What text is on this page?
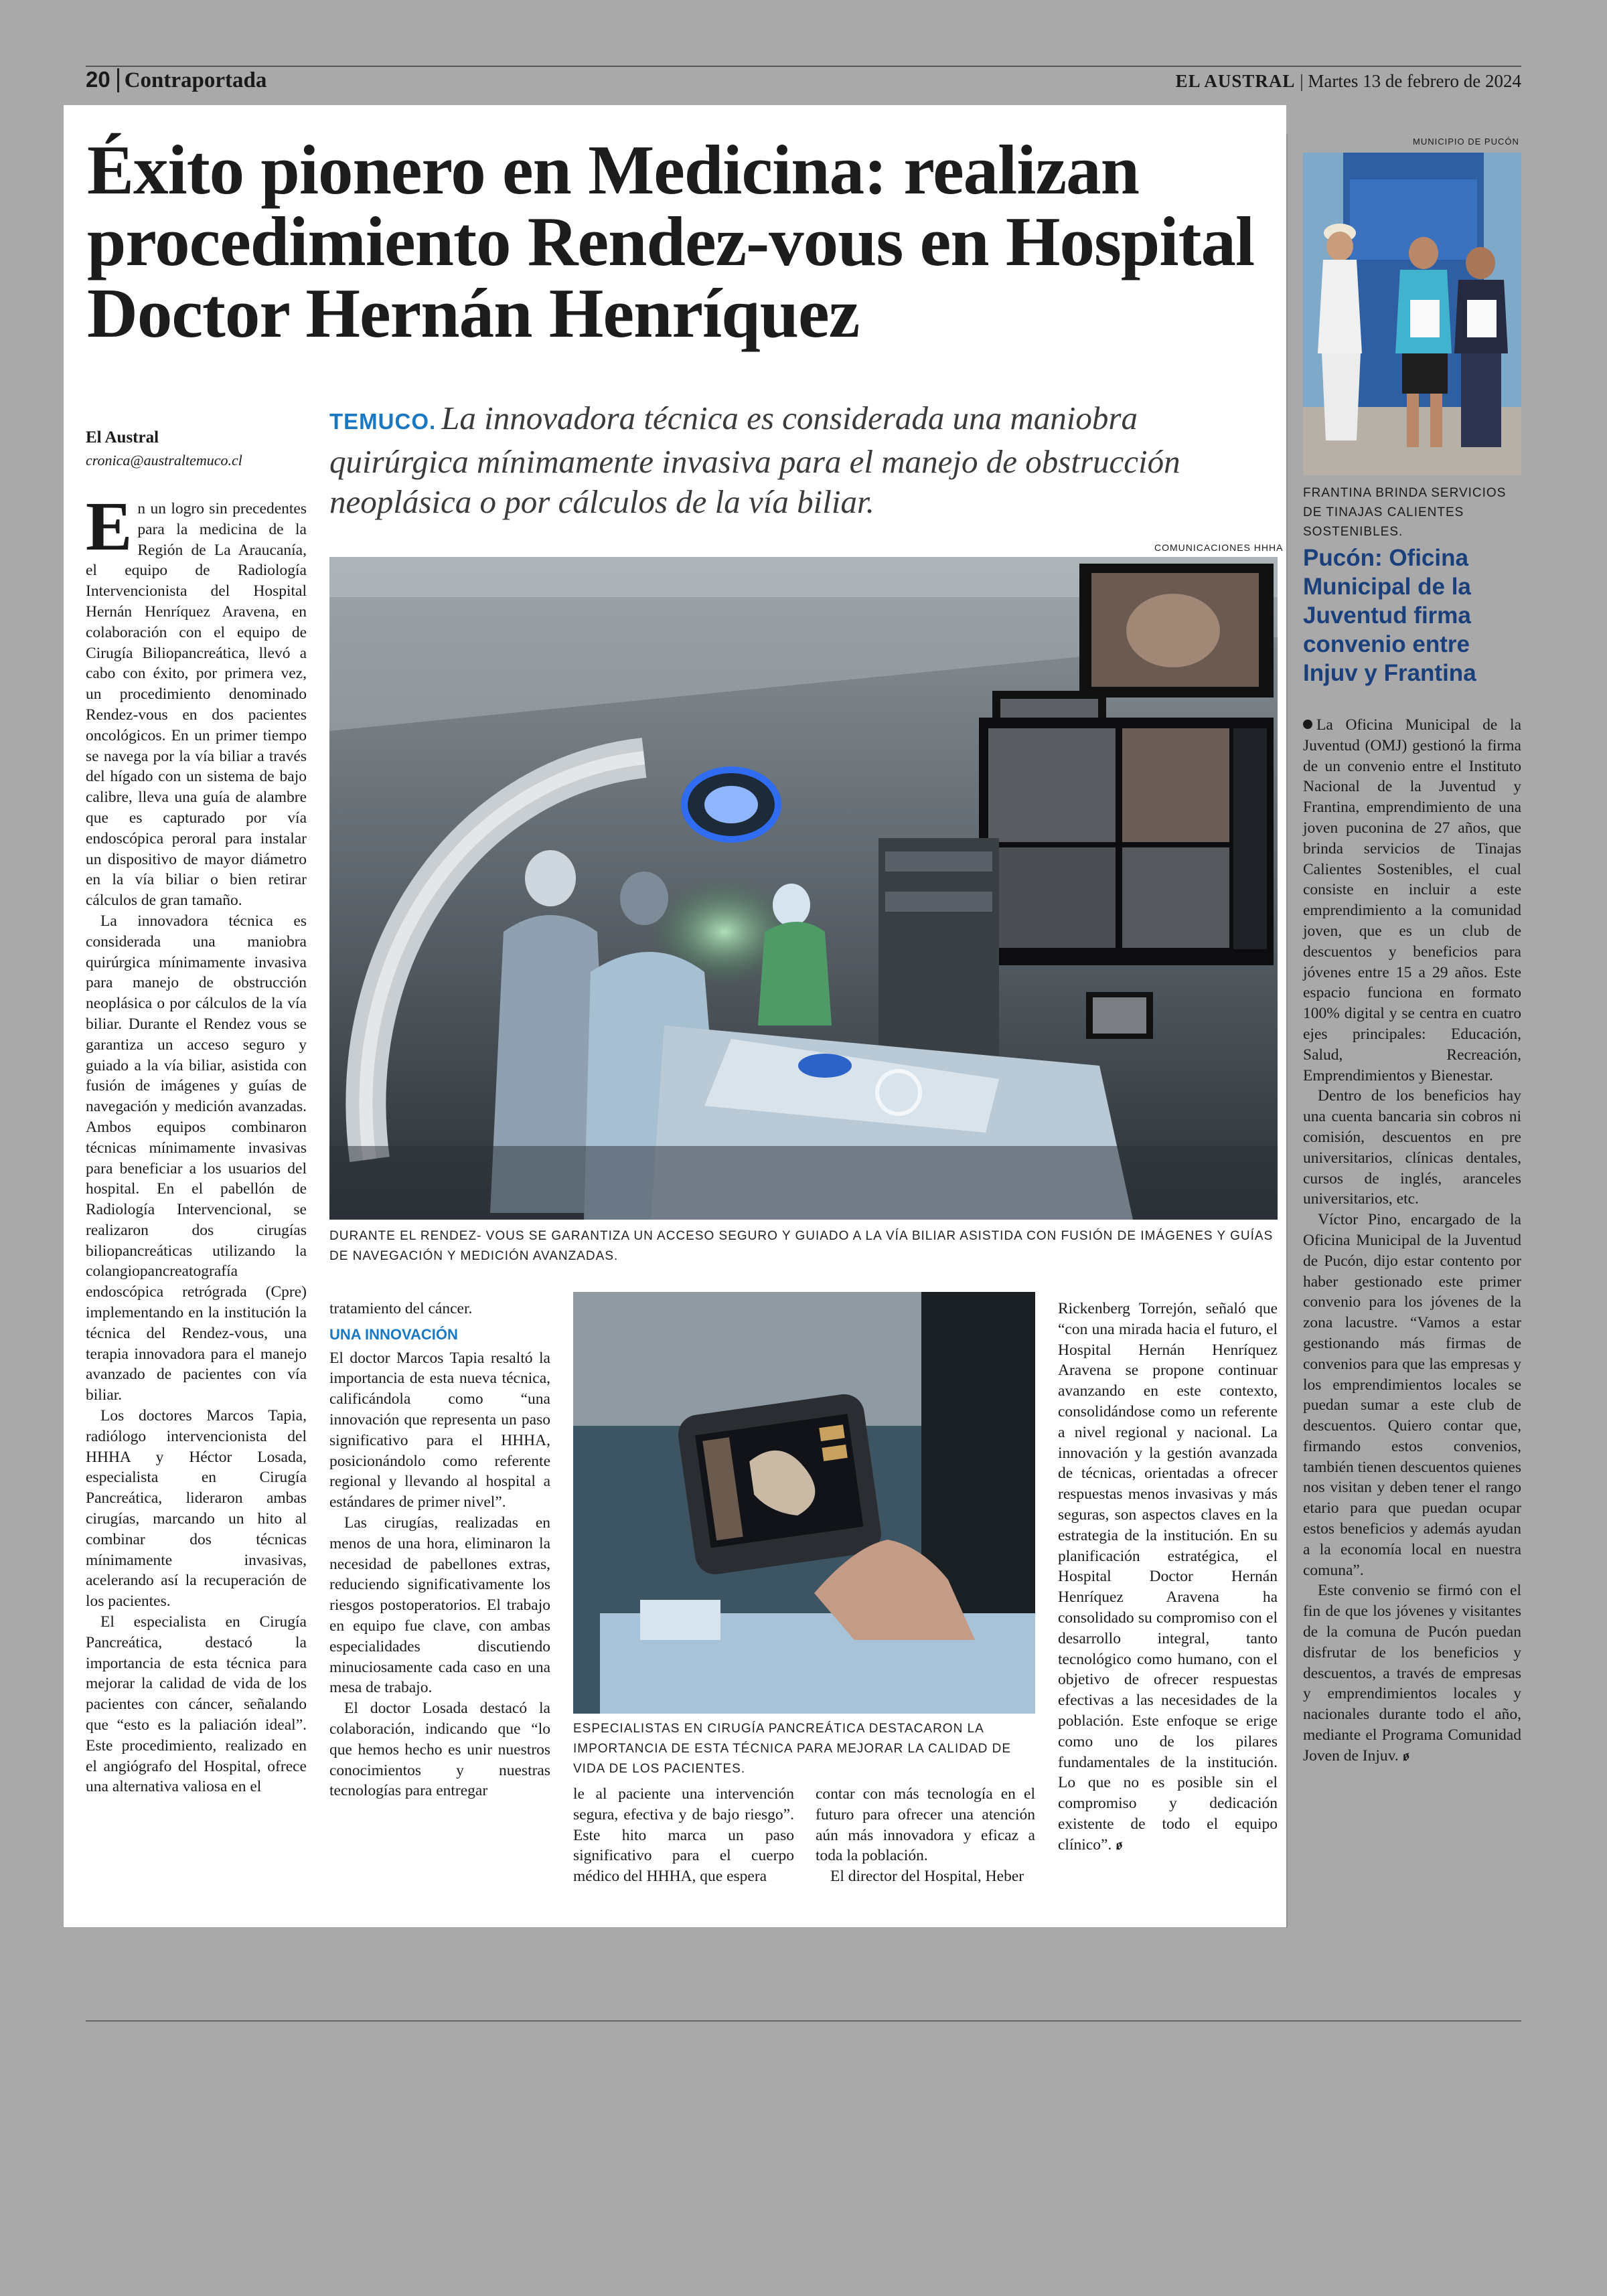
20 Contraportada	EL AUSTRAL | Martes 13 de febrero de 2024
Éxito pionero en Medicina: realizan procedimiento Rendez-vous en Hospital Doctor Hernán Henríquez
El Austral
cronica@australtemuco.cl
TEMUCO. La innovadora técnica es considerada una maniobra quirúrgica mínimamente invasiva para el manejo de obstrucción neoplásica o por cálculos de la vía biliar.

En un logro sin precedentes para la medicina de la Región de La Araucanía, el equipo de Radiología Intervencionista del Hospital Hernán Henríquez Aravena, en colaboración con el equipo de Cirugía Biliopancreática, llevó a cabo con éxito, por primera vez, un procedimiento denominado Rendez-vous en dos pacientes oncológicos. En un primer tiempo se navega por la vía biliar a través del hígado con un sistema de bajo calibre, lleva una guía de alambre que es capturado por vía endoscópica peroral para instalar un dispositivo de mayor diámetro en la vía biliar o bien retirar cálculos de gran tamaño.

La innovadora técnica es considerada una maniobra quirúrgica mínimamente invasiva para manejo de obstrucción neoplásica o por cálculos de la vía biliar. Durante el Rendez vous se garantiza un acceso seguro y guiado a la vía biliar, asistida con fusión de imágenes y guías de navegación y medición avanzadas. Ambos equipos combinaron técnicas mínimamente invasivas para beneficiar a los usuarios del hospital. En el pabellón de Radiología Intervencional, se realizaron dos cirugías biliopancreáticas utilizando la colangiopancreatografía endoscópica retrógrada (Cpre) implementando en la institución la técnica del Rendez-vous, una terapia innovadora para el manejo avanzado de pacientes con vía biliar.

Los doctores Marcos Tapia, radiólogo intervencionista del HHHA y Héctor Losada, especialista en Cirugía Pancreática, lideraron ambas cirugías, marcando un hito al combinar dos técnicas mínimamente invasivas, acelerando así la recuperación de los pacientes.

El especialista en Cirugía Pancreática, destacó la importancia de esta técnica para mejorar la calidad de vida de los pacientes con cáncer, señalando que “esto es la paliación ideal”. Este procedimiento, realizado en el angiógrafo del Hospital, ofrece una alternativa valiosa en el

COMUNICACIONES HHHA
DURANTE EL RENDEZ- VOUS SE GARANTIZA UN ACCESO SEGURO Y GUIADO A LA VÍA BILIAR ASISTIDA CON FUSIÓN DE IMÁGENES Y GUÍAS DE NAVEGACIÓN Y MEDICIÓN AVANZADAS.

tratamiento del cáncer.

UNA INNOVACIÓN

El doctor Marcos Tapia resaltó la importancia de esta nueva técnica, calificándola como “una innovación que representa un paso significativo para el HHHA, posicionándolo como referente regional y llevando al hospital a estándares de primer nivel”.

Las cirugías, realizadas en menos de una hora, eliminaron la necesidad de pabellones extras, reduciendo significativamente los riesgos postoperatorios. El trabajo en equipo fue clave, con ambas especialidades discutiendo minuciosamente cada caso en una mesa de trabajo.

El doctor Losada destacó la colaboración, indicando que “lo que hemos hecho es unir nuestros conocimientos y nuestras tecnologías para entregar

ESPECIALISTAS EN CIRUGÍA PANCREÁTICA DESTACARON LA IMPORTANCIA DE ESTA TÉCNICA PARA MEJORAR LA CALIDAD DE VIDA DE LOS PACIENTES.

le al paciente una intervención segura, efectiva y de bajo riesgo”. Este hito marca un paso significativo para el cuerpo médico del HHHA, que espera

contar con más tecnología en el futuro para ofrecer una atención aún más innovadora y eficaz a toda la población.

El director del Hospital, Heber

Rickenberg Torrejón, señaló que “con una mirada hacia el futuro, el Hospital Hernán Henríquez Aravena se propone continuar avanzando en este contexto, consolidándose como un referente a nivel regional y nacional. La innovación y la gestión avanzada de técnicas, orientadas a ofrecer respuestas menos invasivas y más seguras, son aspectos claves en la estrategia de la institución. En su planificación estratégica, el Hospital Doctor Hernán Henríquez Aravena ha consolidado su compromiso con el desarrollo integral, tanto tecnológico como humano, con el objetivo de ofrecer respuestas efectivas a las necesidades de la población. Este enfoque se erige como uno de los pilares fundamentales de la institución. Lo que no es posible sin el compromiso y dedicación existente de todo el equipo clínico”. ꬾ

MUNICIPIO DE PUCÓN
FRANTINA BRINDA SERVICIOS DE TINAJAS CALIENTES SOSTENIBLES.
Pucón: Oficina Municipal de la Juventud firma convenio entre Injuv y Frantina

La Oficina Municipal de la Juventud (OMJ) gestionó la firma de un convenio entre el Instituto Nacional de la Juventud y Frantina, emprendimiento de una joven puconina de 27 años, que brinda servicios de Tinajas Calientes Sostenibles, el cual consiste en incluir a este emprendimiento a la comunidad joven, que es un club de descuentos y beneficios para jóvenes entre 15 a 29 años. Este espacio funciona en formato 100% digital y se centra en cuatro ejes principales: Educación, Salud, Recreación, Emprendimientos y Bienestar.

Dentro de los beneficios hay una cuenta bancaria sin cobros ni comisión, descuentos en pre universitarios, clínicas dentales, cursos de inglés, aranceles universitarios, etc.

Víctor Pino, encargado de la Oficina Municipal de la Juventud de Pucón, dijo estar contento por haber gestionado este primer convenio para los jóvenes de la zona lacustre. “Vamos a estar gestionando más firmas de convenios para que las empresas y los emprendimientos locales se puedan sumar a este club de descuentos. Quiero contar que, firmando estos convenios, también tienen descuentos quienes nos visitan y deben tener el rango etario para que puedan ocupar estos beneficios y además ayudan a la economía local en nuestra comuna”.

Este convenio se firmó con el fin de que los jóvenes y visitantes de la comuna de Pucón puedan disfrutar de los beneficios y descuentos, a través de empresas y emprendimientos locales y nacionales durante todo el año, mediante el Programa Comunidad Joven de Injuv. ꬾ
